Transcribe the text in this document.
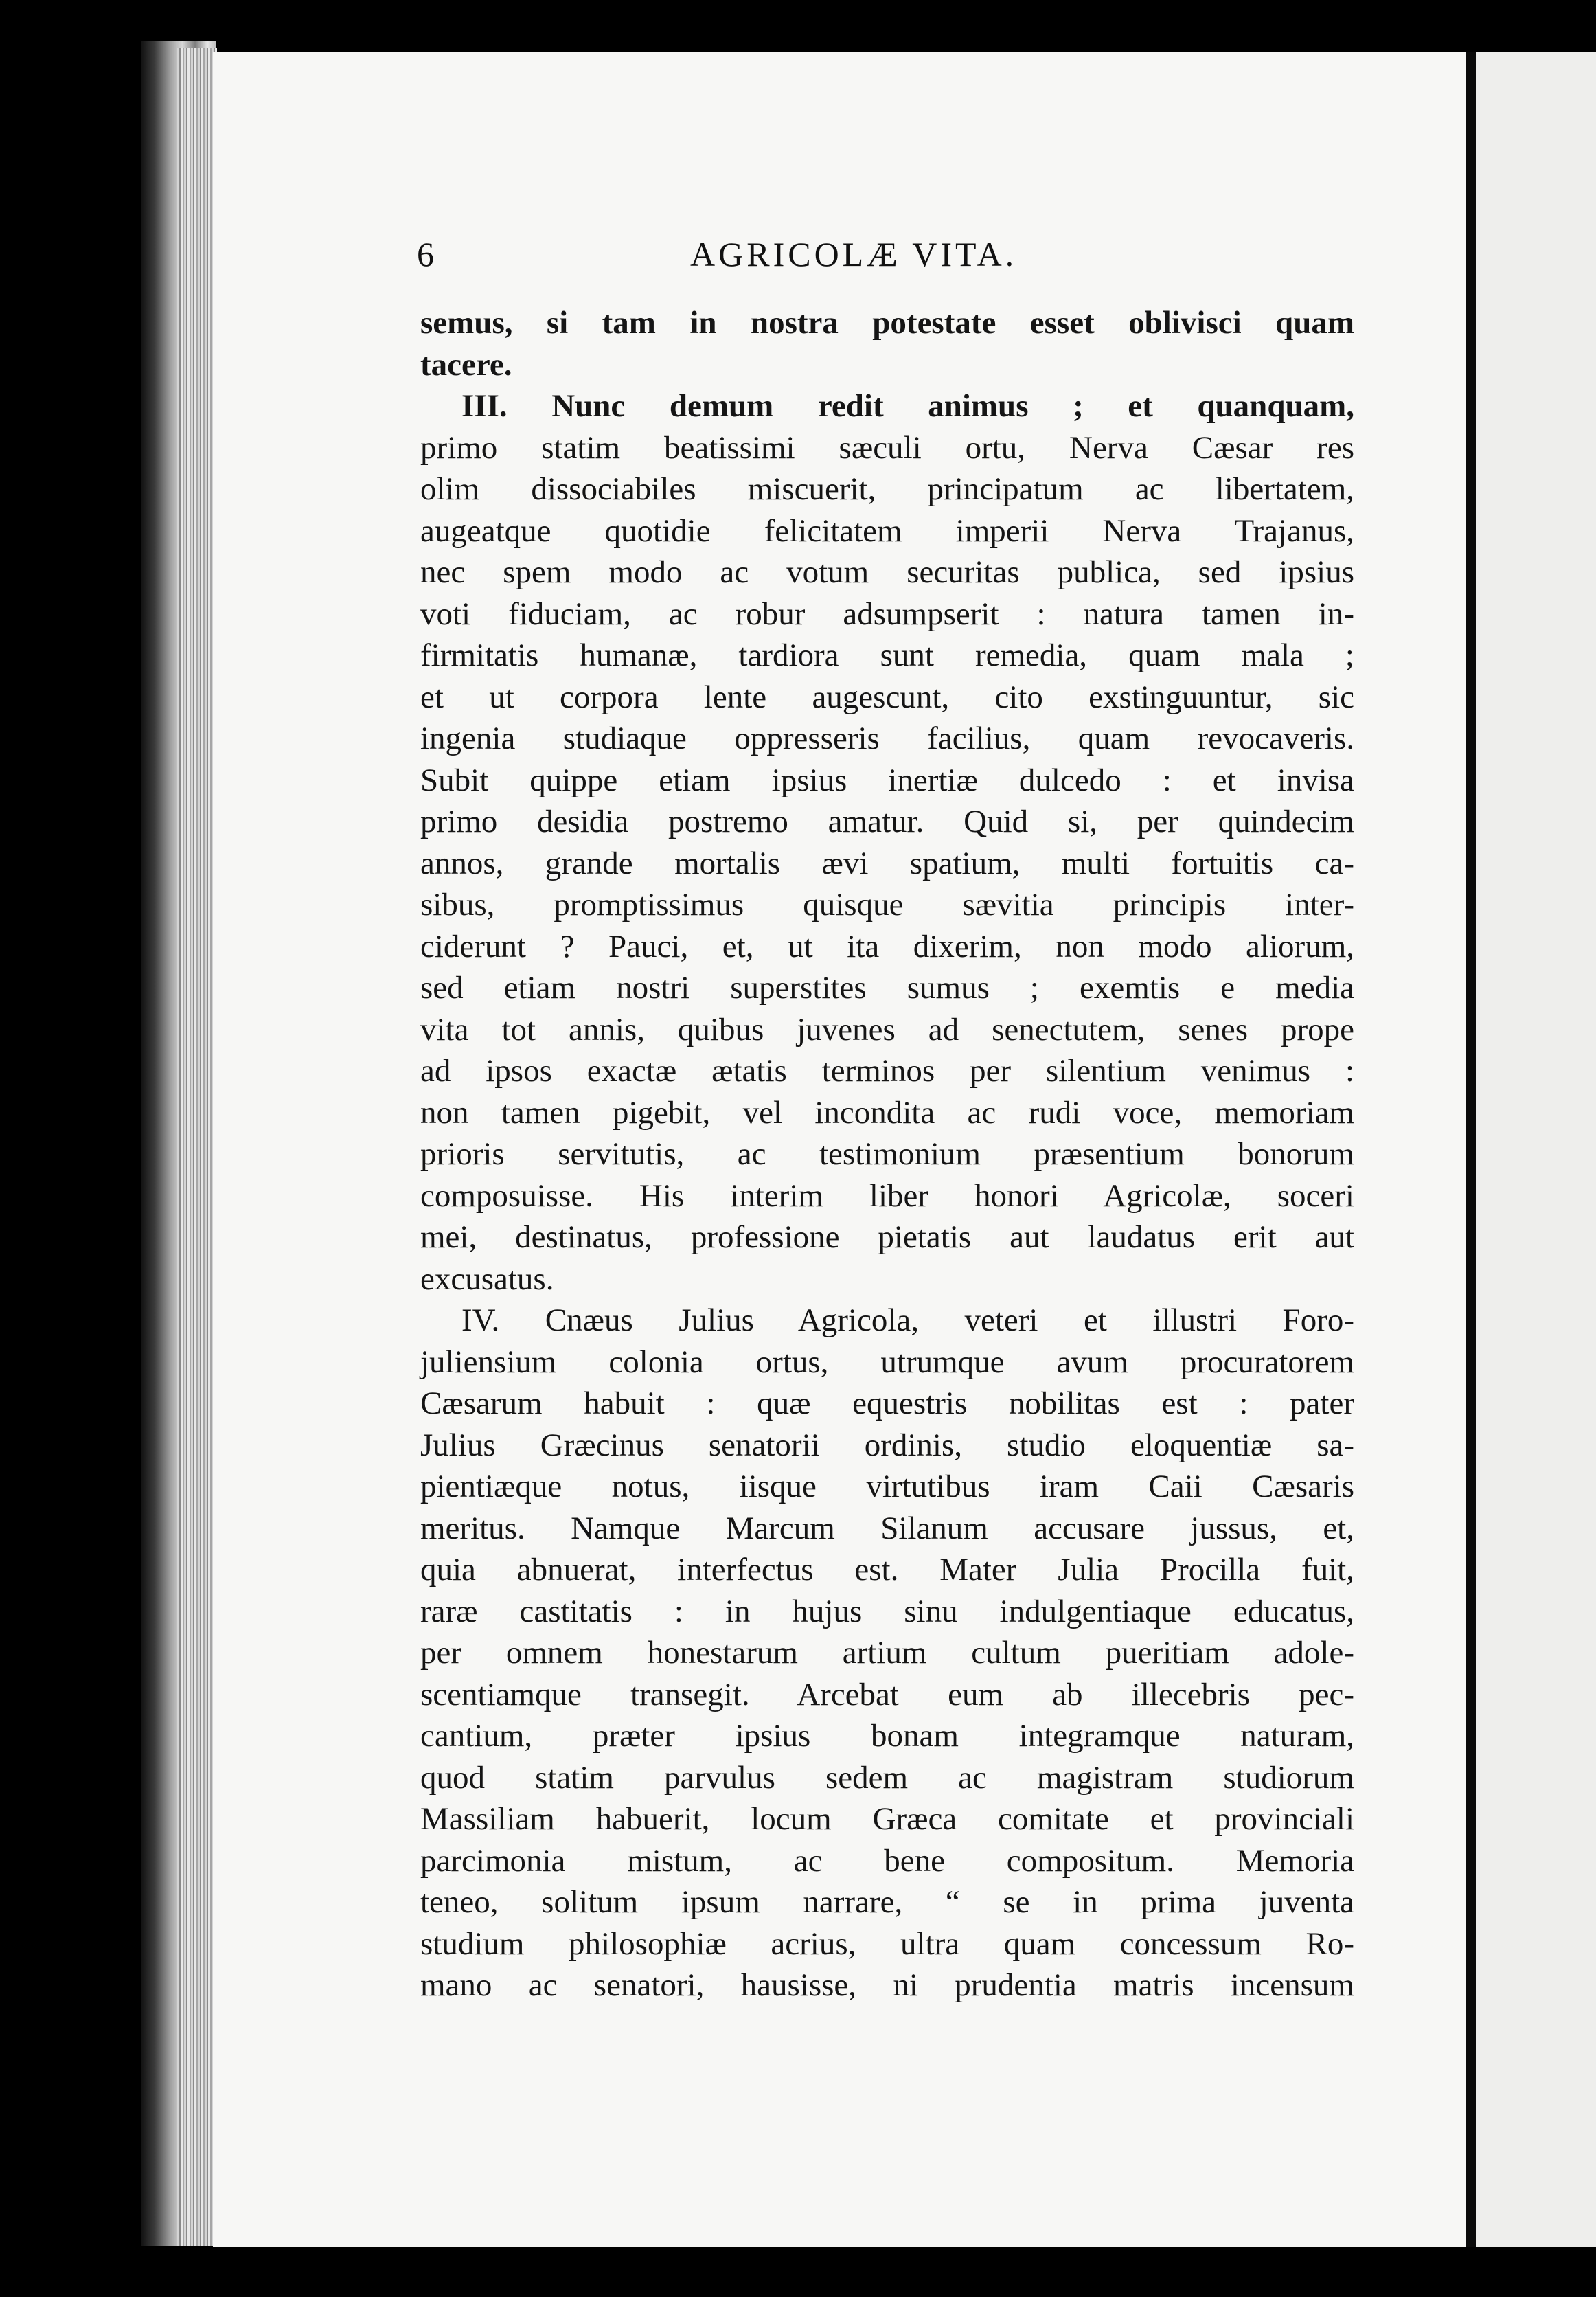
6	AGRICOLÆ VITA.
semus, si tam in nostra potestate esset oblivisci quam
tacere.
III. Nunc demum redit animus ; et quanquam,
primo statim beatissimi sæculi ortu, Nerva Cæsar res
olim dissociabiles miscuerit, principatum ac libertatem,
augeatque quotidie felicitatem imperii Nerva Trajanus,
nec spem modo ac votum securitas publica, sed ipsius
voti fiduciam, ac robur adsumpserit : natura tamen in-
firmitatis humanæ, tardiora sunt remedia, quam mala ;
et ut corpora lente augescunt, cito exstinguuntur, sic
ingenia studiaque oppresseris facilius, quam revocaveris.
Subit quippe etiam ipsius inertiæ dulcedo : et invisa
primo desidia postremo amatur. Quid si, per quindecim
annos, grande mortalis ævi spatium, multi fortuitis ca-
sibus, promptissimus quisque sævitia principis inter-
ciderunt ? Pauci, et, ut ita dixerim, non modo aliorum,
sed etiam nostri superstites sumus ; exemtis e media
vita tot annis, quibus juvenes ad senectutem, senes prope
ad ipsos exactæ ætatis terminos per silentium venimus :
non tamen pigebit, vel incondita ac rudi voce, memoriam
prioris servitutis, ac testimonium præsentium bonorum
composuisse. His interim liber honori Agricolæ, soceri
mei, destinatus, professione pietatis aut laudatus erit aut
excusatus.
IV. Cnæus Julius Agricola, veteri et illustri Foro-
juliensium colonia ortus, utrumque avum procuratorem
Cæsarum habuit : quæ equestris nobilitas est : pater
Julius Græcinus senatorii ordinis, studio eloquentiæ sa-
pientiæque notus, iisque virtutibus iram Caii Cæsaris
meritus. Namque Marcum Silanum accusare jussus, et,
quia abnuerat, interfectus est. Mater Julia Procilla fuit,
raræ castitatis : in hujus sinu indulgentiaque educatus,
per omnem honestarum artium cultum pueritiam adole-
scentiamque transegit. Arcebat eum ab illecebris pec-
cantium, præter ipsius bonam integramque naturam,
quod statim parvulus sedem ac magistram studiorum
Massiliam habuerit, locum Græca comitate et provinciali
parcimonia mistum, ac bene compositum. Memoria
teneo, solitum ipsum narrare, “ se in prima juventa
studium philosophiæ acrius, ultra quam concessum Ro-
mano ac senatori, hausisse, ni prudentia matris incensum
